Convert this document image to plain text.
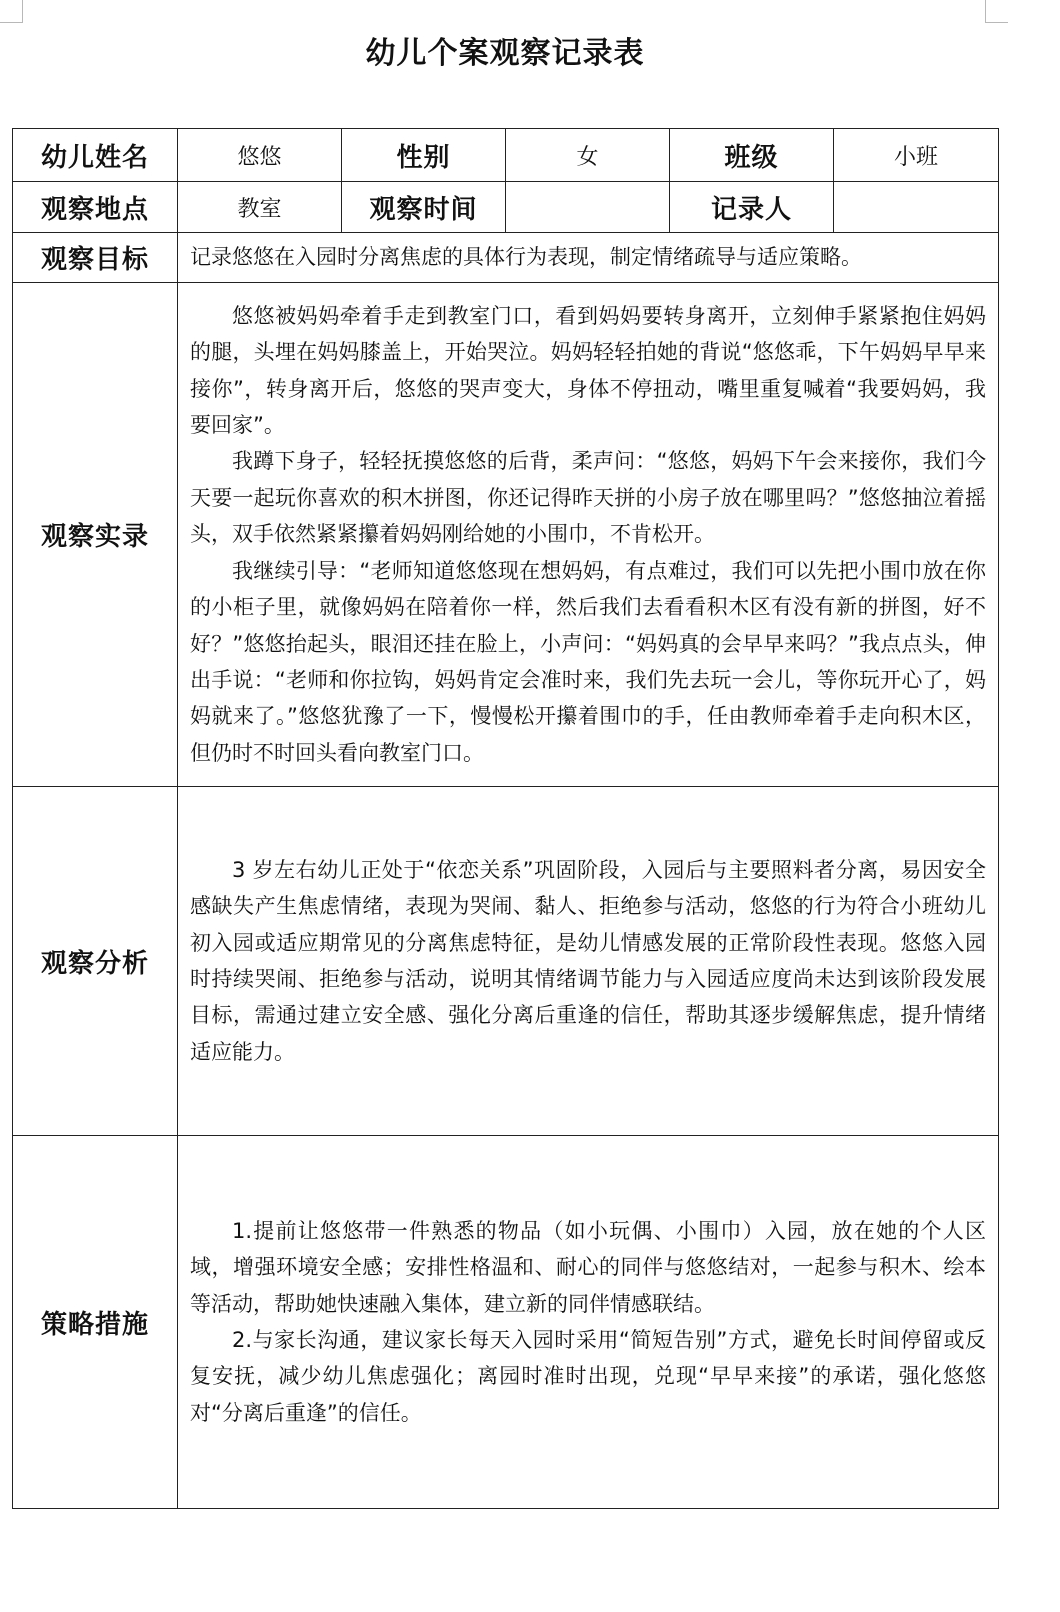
幼儿个案观察记录表
幼儿姓名	悠悠	性别	女	班级	小班
观察地点	教室	观察时间		记录人	
观察目标	记录悠悠在入园时分离焦虑的具体行为表现，制定情绪疏导与适应策略。				

观察实录	悠悠被妈妈牵着手走到教室门口，看到妈妈要转身离开，立刻伸手紧紧抱住妈妈的腿，头埋在妈妈膝盖上，开始哭泣。妈妈轻轻拍她的背说“悠悠乖，下午妈妈早早来接你”，转身离开后，悠悠的哭声变大，身体不停扭动，嘴里重复喊着“我要妈妈，我要回家”。

我蹲下身子，轻轻抚摸悠悠的后背，柔声问：“悠悠，妈妈下午会来接你，我们今天要一起玩你喜欢的积木拼图，你还记得昨天拼的小房子放在哪里吗？”悠悠抽泣着摇头，双手依然紧紧攥着妈妈刚给她的小围巾，不肯松开。

我继续引导：“老师知道悠悠现在想妈妈，有点难过，我们可以先把小围巾放在你的小柜子里，就像妈妈在陪着你一样，然后我们去看看积木区有没有新的拼图，好不好？”悠悠抬起头，眼泪还挂在脸上，小声问：“妈妈真的会早早来吗？”我点点头，伸出手说：“老师和你拉钩，妈妈肯定会准时来，我们先去玩一会儿，等你玩开心了，妈妈就来了。”悠悠犹豫了一下，慢慢松开攥着围巾的手，任由教师牵着手走向积木区，但仍时不时回头看向教室门口。				

观察分析	3 岁左右幼儿正处于“依恋关系”巩固阶段，入园后与主要照料者分离，易因安全感缺失产生焦虑情绪，表现为哭闹、黏人、拒绝参与活动，悠悠的行为符合小班幼儿初入园或适应期常见的分离焦虑特征，是幼儿情感发展的正常阶段性表现。悠悠入园时持续哭闹、拒绝参与活动，说明其情绪调节能力与入园适应度尚未达到该阶段发展目标，需通过建立安全感、强化分离后重逢的信任，帮助其逐步缓解焦虑，提升情绪适应能力。				

策略措施	1.提前让悠悠带一件熟悉的物品（如小玩偶、小围巾）入园，放在她的个人区域，增强环境安全感；安排性格温和、耐心的同伴与悠悠结对，一起参与积木、绘本等活动，帮助她快速融入集体，建立新的同伴情感联结。

2.与家长沟通，建议家长每天入园时采用“简短告别”方式，避免长时间停留或反复安抚，减少幼儿焦虑强化；离园时准时出现，兑现“早早来接”的承诺，强化悠悠对“分离后重逢”的信任。				
